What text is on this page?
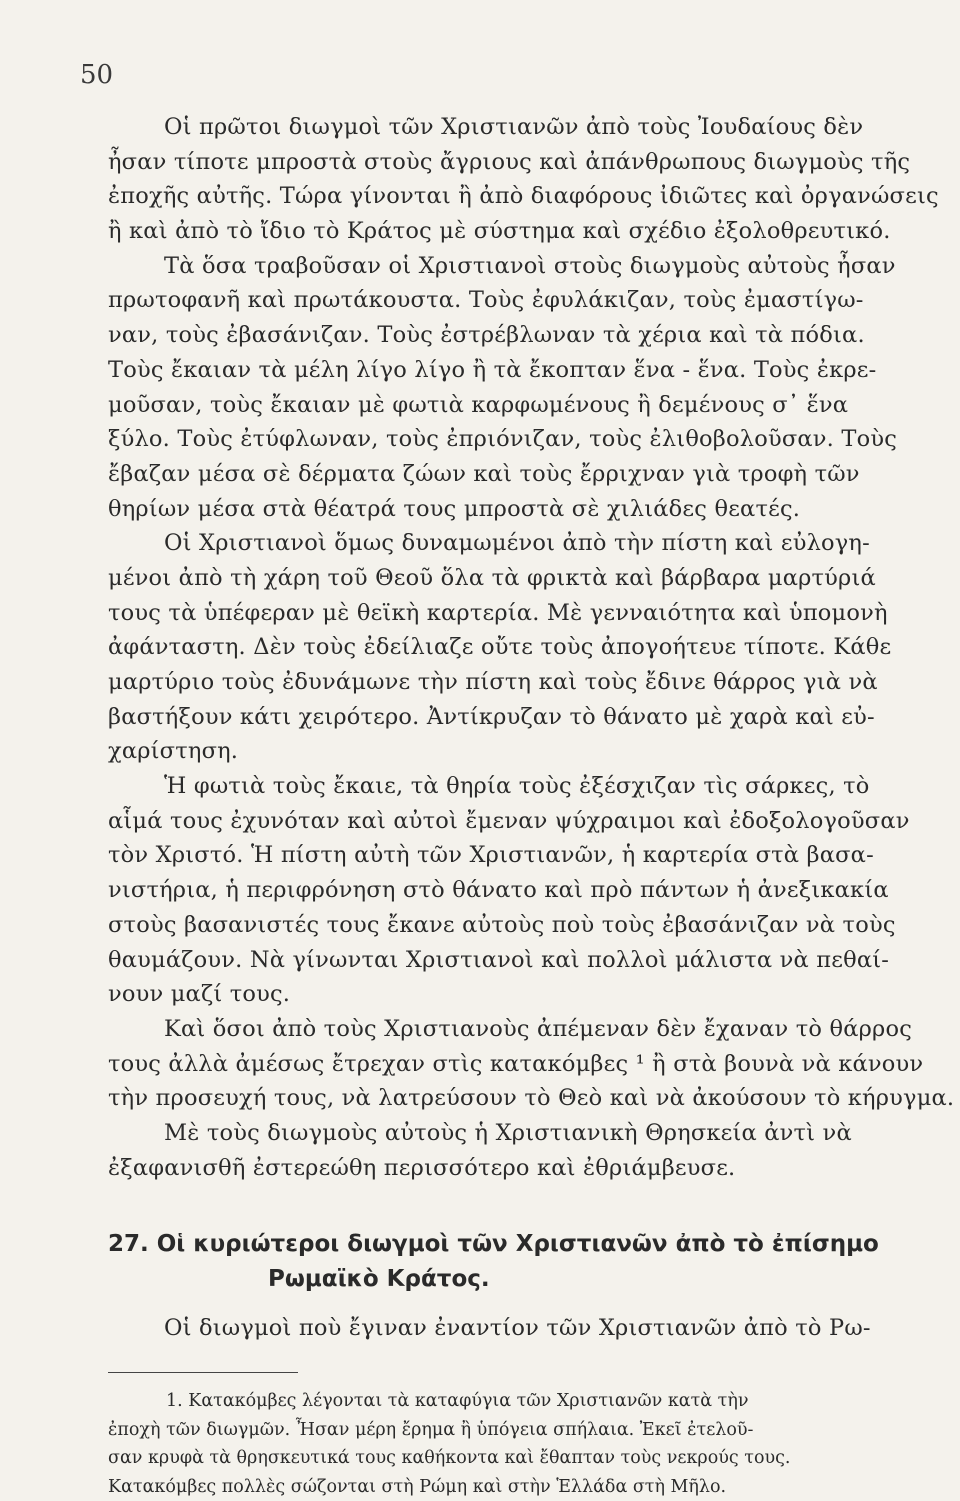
50
Οἱ πρῶτοι διωγμοὶ τῶν Χριστιανῶν ἀπὸ τοὺς Ἰουδαίους δὲν
ἦσαν τίποτε μπροστὰ στοὺς ἄγριους καὶ ἀπάνθρωπους διωγμοὺς τῆς
ἐποχῆς αὐτῆς. Τώρα γίνονται ἢ ἀπὸ διαφόρους ἰδιῶτες καὶ ὀργανώσεις
ἢ καὶ ἀπὸ τὸ ἴδιο τὸ Κράτος μὲ σύστημα καὶ σχέδιο ἐξολοθρευτικό.
Τὰ ὅσα τραβοῦσαν οἱ Χριστιανοὶ στοὺς διωγμοὺς αὐτοὺς ἦσαν
πρωτοφανῆ καὶ πρωτάκουστα. Τοὺς ἐφυλάκιζαν, τοὺς ἐμαστίγω-
ναν, τοὺς ἐβασάνιζαν. Τοὺς ἐστρέβλωναν τὰ χέρια καὶ τὰ πόδια.
Τοὺς ἔκαιαν τὰ μέλη λίγο λίγο ἢ τὰ ἔκοπταν ἕνα - ἕνα. Τοὺς ἐκρε-
μοῦσαν, τοὺς ἔκαιαν μὲ φωτιὰ καρφωμένους ἢ δεμένους σ᾿ ἕνα
ξύλο. Τοὺς ἐτύφλωναν, τοὺς ἐπριόνιζαν, τοὺς ἐλιθοβολοῦσαν. Τοὺς
ἔβαζαν μέσα σὲ δέρματα ζώων καὶ τοὺς ἔρριχναν γιὰ τροφὴ τῶν
θηρίων μέσα στὰ θέατρά τους μπροστὰ σὲ χιλιάδες θεατές.
Οἱ Χριστιανοὶ ὅμως δυναμωμένοι ἀπὸ τὴν πίστη καὶ εὐλογη-
μένοι ἀπὸ τὴ χάρη τοῦ Θεοῦ ὅλα τὰ φρικτὰ καὶ βάρβαρα μαρτύριά
τους τὰ ὑπέφεραν μὲ θεϊκὴ καρτερία. Μὲ γενναιότητα καὶ ὑπομονὴ
ἀφάνταστη. Δὲν τοὺς ἐδείλιαζε οὔτε τοὺς ἀπογοήτευε τίποτε. Κάθε
μαρτύριο τοὺς ἐδυνάμωνε τὴν πίστη καὶ τοὺς ἔδινε θάρρος γιὰ νὰ
βαστήξουν κάτι χειρότερο. Ἀντίκρυζαν τὸ θάνατο μὲ χαρὰ καὶ εὐ-
χαρίστηση.
Ἡ φωτιὰ τοὺς ἔκαιε, τὰ θηρία τοὺς ἐξέσχιζαν τὶς σάρκες, τὸ
αἷμά τους ἐχυνόταν καὶ αὐτοὶ ἔμεναν ψύχραιμοι καὶ ἐδοξολογοῦσαν
τὸν Χριστό. Ἡ πίστη αὐτὴ τῶν Χριστιανῶν, ἡ καρτερία στὰ βασα-
νιστήρια, ἡ περιφρόνηση στὸ θάνατο καὶ πρὸ πάντων ἡ ἀνεξικακία
στοὺς βασανιστές τους ἔκανε αὐτοὺς ποὺ τοὺς ἐβασάνιζαν νὰ τοὺς
θαυμάζουν. Νὰ γίνωνται Χριστιανοὶ καὶ πολλοὶ μάλιστα νὰ πεθαί-
νουν μαζί τους.
Καὶ ὅσοι ἀπὸ τοὺς Χριστιανοὺς ἀπέμεναν δὲν ἔχαναν τὸ θάρρος
τους ἀλλὰ ἀμέσως ἔτρεχαν στὶς κατακόμβες ¹ ἢ στὰ βουνὰ νὰ κάνουν
τὴν προσευχή τους, νὰ λατρεύσουν τὸ Θεὸ καὶ νὰ ἀκούσουν τὸ κήρυγμα.
Μὲ τοὺς διωγμοὺς αὐτοὺς ἡ Χριστιανικὴ Θρησκεία ἀντὶ νὰ
ἐξαφανισθῆ ἐστερεώθη περισσότερο καὶ ἐθριάμβευσε.
27. Οἱ κυριώτεροι διωγμοὶ τῶν Χριστιανῶν ἀπὸ τὸ ἐπίσημο
Ρωμαϊκὸ Κράτος.
Οἱ διωγμοὶ ποὺ ἔγιναν ἐναντίον τῶν Χριστιανῶν ἀπὸ τὸ Ρω-
1. Κατακόμβες λέγονται τὰ καταφύγια τῶν Χριστιανῶν κατὰ τὴν
ἐποχὴ τῶν διωγμῶν. Ἦσαν μέρη ἔρημα ἢ ὑπόγεια σπήλαια. Ἐκεῖ ἐτελοῦ-
σαν κρυφὰ τὰ θρησκευτικά τους καθήκοντα καὶ ἔθαπταν τοὺς νεκρούς τους.
Κατακόμβες πολλὲς σώζονται στὴ Ρώμη καὶ στὴν Ἑλλάδα στὴ Μῆλο.
